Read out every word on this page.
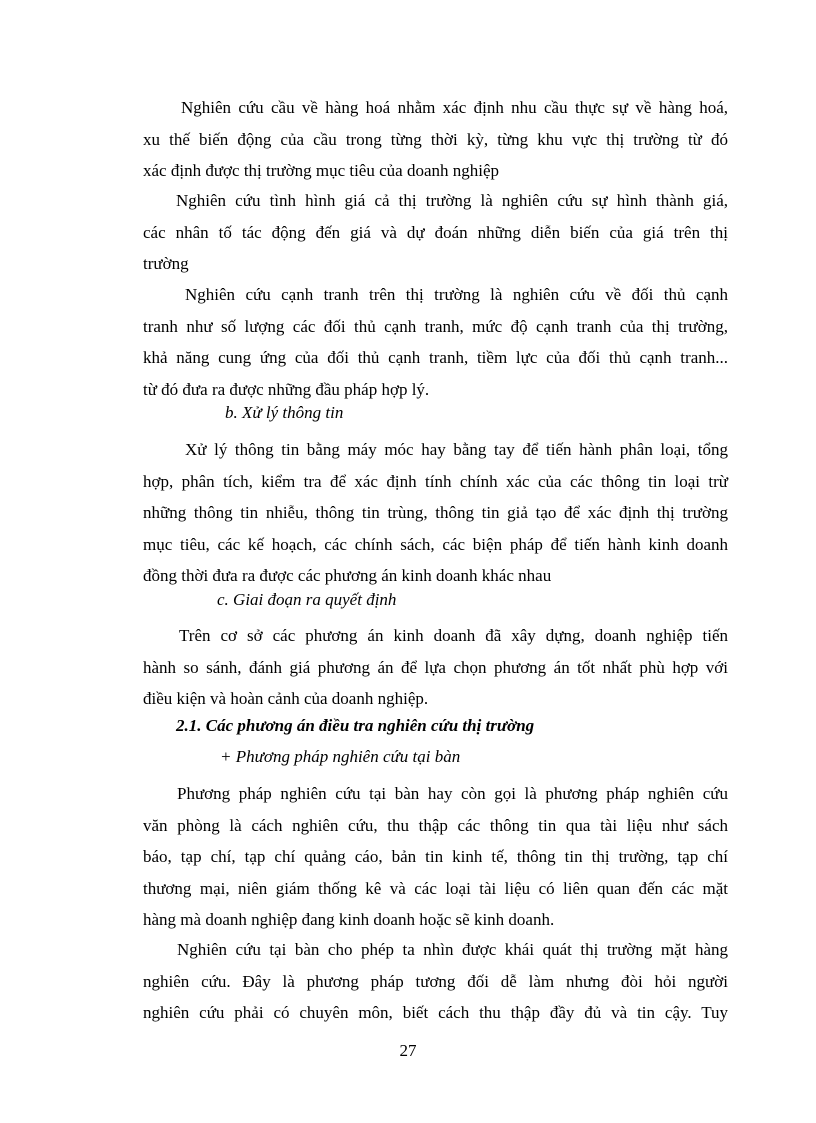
Nghiên cứu cầu về hàng hoá nhằm xác định nhu cầu thực sự về hàng hoá,
xu thế biến động của cầu trong từng thời kỳ, từng khu vực thị trường từ đó
xác định được thị trường mục tiêu của doanh nghiệp
Nghiên cứu tình hình giá cả thị trường là nghiên cứu sự hình thành giá,
các nhân tố tác động đến giá và dự đoán những diễn biến của giá trên thị
trường
Nghiên cứu cạnh tranh trên thị trường là nghiên cứu về đối thủ cạnh
tranh như số lượng các đối thủ cạnh tranh, mức độ cạnh tranh của thị trường,
khả năng cung ứng của đối thủ cạnh tranh, tiềm lực của đối thủ cạnh tranh...
từ đó đưa ra được những đầu pháp hợp lý.
b. Xử lý thông tin
Xử lý thông tin bằng máy móc hay bằng tay để tiến hành phân loại, tổng
hợp, phân tích, kiểm tra để xác định tính chính xác của các thông tin loại trừ
những thông tin nhiễu, thông tin trùng, thông tin giả tạo để xác định thị trường
mục tiêu, các kế hoạch, các chính sách, các biện pháp để tiến hành kinh doanh
đồng thời đưa ra được các phương án kinh doanh khác nhau
c. Giai đoạn ra quyết định
Trên cơ sở các phương án kinh doanh đã xây dựng, doanh nghiệp tiến
hành so sánh, đánh giá phương án để lựa chọn phương án tốt nhất phù hợp với
điều kiện và hoàn cảnh của doanh nghiệp.
2.1. Các phương án điều tra nghiên cứu thị trường
+ Phương pháp nghiên cứu tại bàn
Phương pháp nghiên cứu tại bàn hay còn gọi là phương pháp nghiên cứu
văn phòng là cách nghiên cứu, thu thập các thông tin qua tài liệu như sách
báo, tạp chí, tạp chí quảng cáo, bản tin kinh tế, thông tin thị trường, tạp chí
thương mại, niên giám thống kê và các loại tài liệu có liên quan đến các mặt
hàng mà doanh nghiệp đang kinh doanh hoặc sẽ kinh doanh.
Nghiên cứu tại bàn cho phép ta nhìn được khái quát thị trường mặt hàng
nghiên cứu. Đây là phương pháp tương đối dễ làm nhưng đòi hỏi người
nghiên cứu phải có chuyên môn, biết cách thu thập đầy đủ và tin cậy. Tuy
27
